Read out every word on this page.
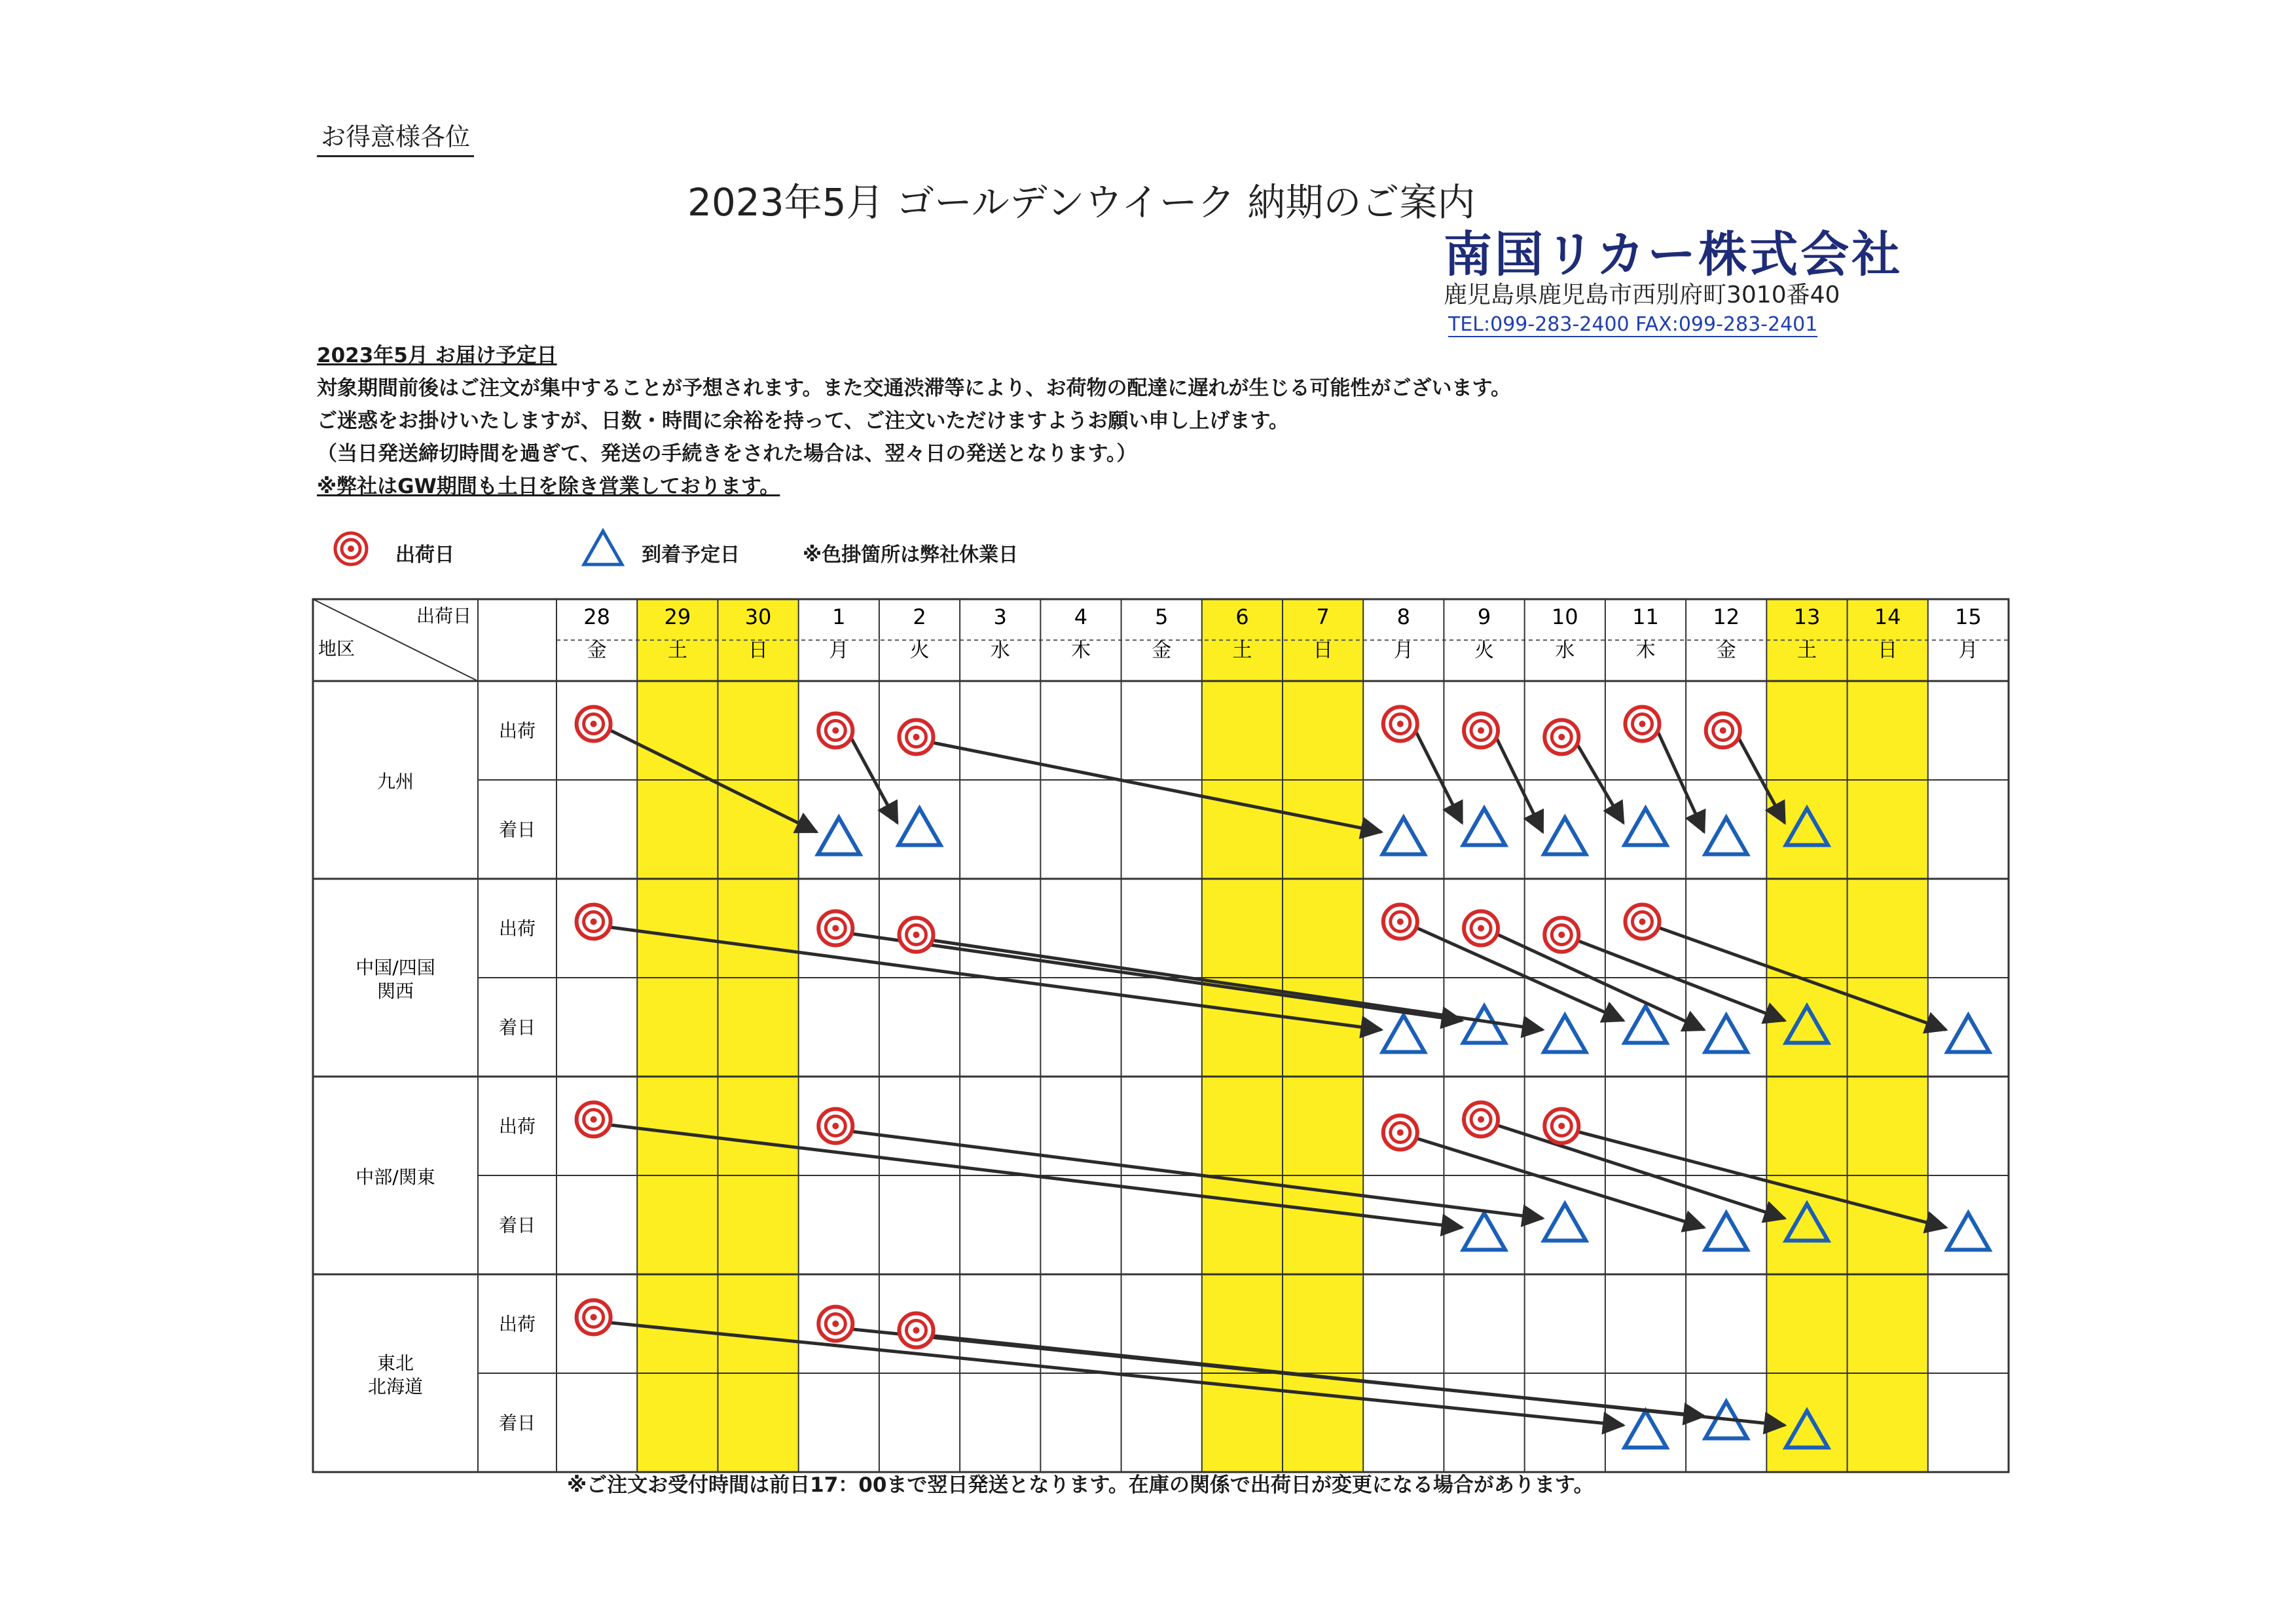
お得意様各位
2023年5月 ゴールデンウイーク 納期のご案内
南国リカー株式会社
鹿児島県鹿児島市西別府町3010番40
TEL:099-283-2400 FAX:099-283-2401
2023年5月 お届け予定日
対象期間前後はご注文が集中することが予想されます。また交通渋滞等により、お荷物の配達に遅れが生じる可能性がございます。
ご迷惑をお掛けいたしますが、日数・時間に余裕を持って、ご注文いただけますようお願い申し上げます。
（当日発送締切時間を過ぎて、発送の手続きをされた場合は、翌々日の発送となります。）
※弊社はGW期間も土日を除き営業しております。
出荷日	到着予定日	※色掛箇所は弊社休業日
出荷日
地区
28
金
29
土
30
日
1
月
2
火
3
水
4
木
5
金
6
土
7
日
8
月
9
火
10
水
11
木
12
金
13
土
14
日
15
月
九州
出荷
着日
中国/四国
関西
出荷
着日
中部/関東
出荷
着日
東北
北海道
出荷
着日
※ご注文お受付時間は前日17：00まで翌日発送となります。在庫の関係で出荷日が変更になる場合があります。
